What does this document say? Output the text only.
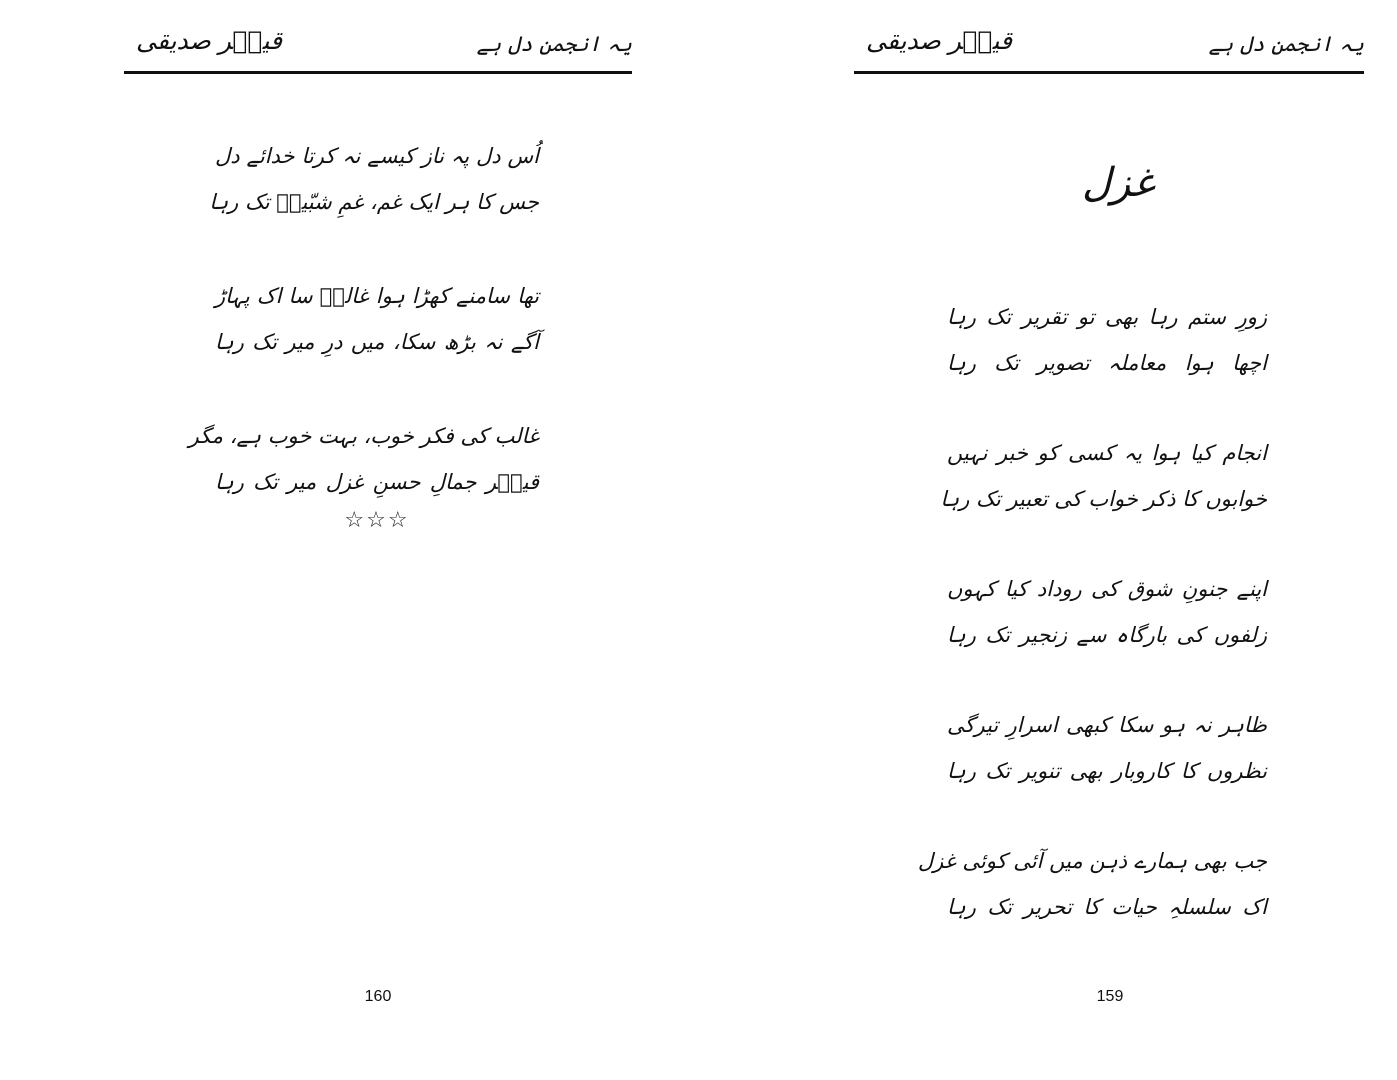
قیصؔر صدیقی	یہ انجمن دل ہے
اُس دل پہ ناز کیسے نہ کرتا خدائے دل
جس کا ہر ایک غم، غمِ شبّیرؓ تک رہا
تھا سامنے کھڑا ہوا غالبؔ سا اک پہاڑ
آگے نہ بڑھ سکا، میں درِ میر تک رہا
غالب کی فکر خوب، بہت خوب ہے، مگر
قیصؔر جمالِ حسنِ غزل میر تک رہا
☆☆☆
160
قیصؔر صدیقی	یہ انجمن دل ہے
غزل
زورِ ستم رہا بھی تو تقریر تک رہا
اچھا ہوا معاملہ تصویر تک رہا
انجام کیا ہوا یہ کسی کو خبر نہیں
خوابوں کا ذکر خواب کی تعبیر تک رہا
اپنے جنونِ شوق کی روداد کیا کہوں
زلفوں کی بارگاہ سے زنجیر تک رہا
ظاہر نہ ہو سکا کبھی اسرارِ تیرگی
نظروں کا کاروبار بھی تنویر تک رہا
جب بھی ہمارے ذہن میں آئی کوئی غزل
اک سلسلہِ حیات کا تحریر تک رہا
159
